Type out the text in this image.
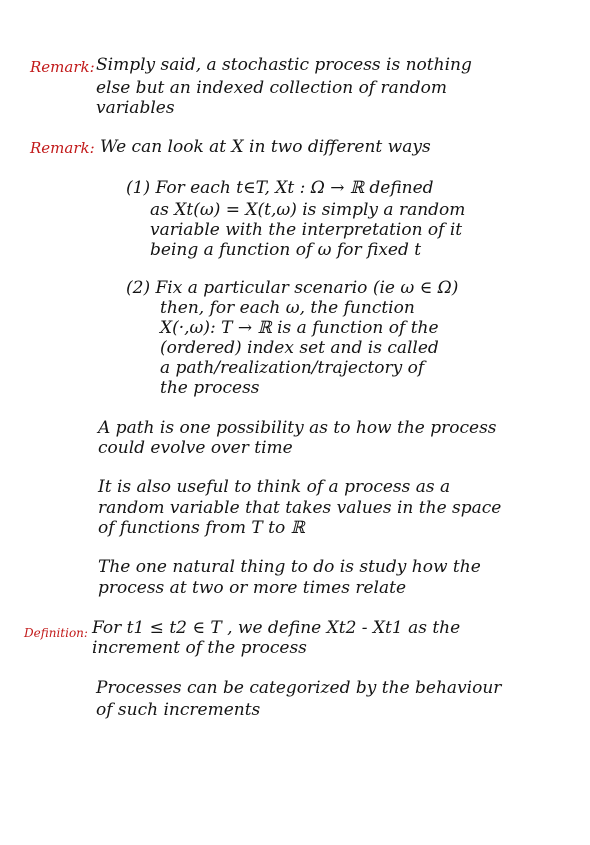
Remark: Simply said, a stochastic process is nothing
else but an indexed collection of random
variables
Remark: We can look at X in two different ways
(1) For each t∈T, Xt : Ω → ℝ defined
as Xt(ω) = X(t,ω) is simply a random
variable with the interpretation of it
being a function of ω for fixed t
(2) Fix a particular scenario (ie ω ∈ Ω)
then, for each ω, the function
X(·,ω): T → ℝ is a function of the
(ordered) index set and is called
a path/realization/trajectory of
the process
A path is one possibility as to how the process
could evolve over time
It is also useful to think of a process as a
random variable that takes values in the space
of functions from T to ℝ
The one natural thing to do is study how the
process at two or more times relate
Definition: For t1 ≤ t2 ∈ T , we define Xt2 - Xt1 as the
increment of the process
Processes can be categorized by the behaviour
of such increments
